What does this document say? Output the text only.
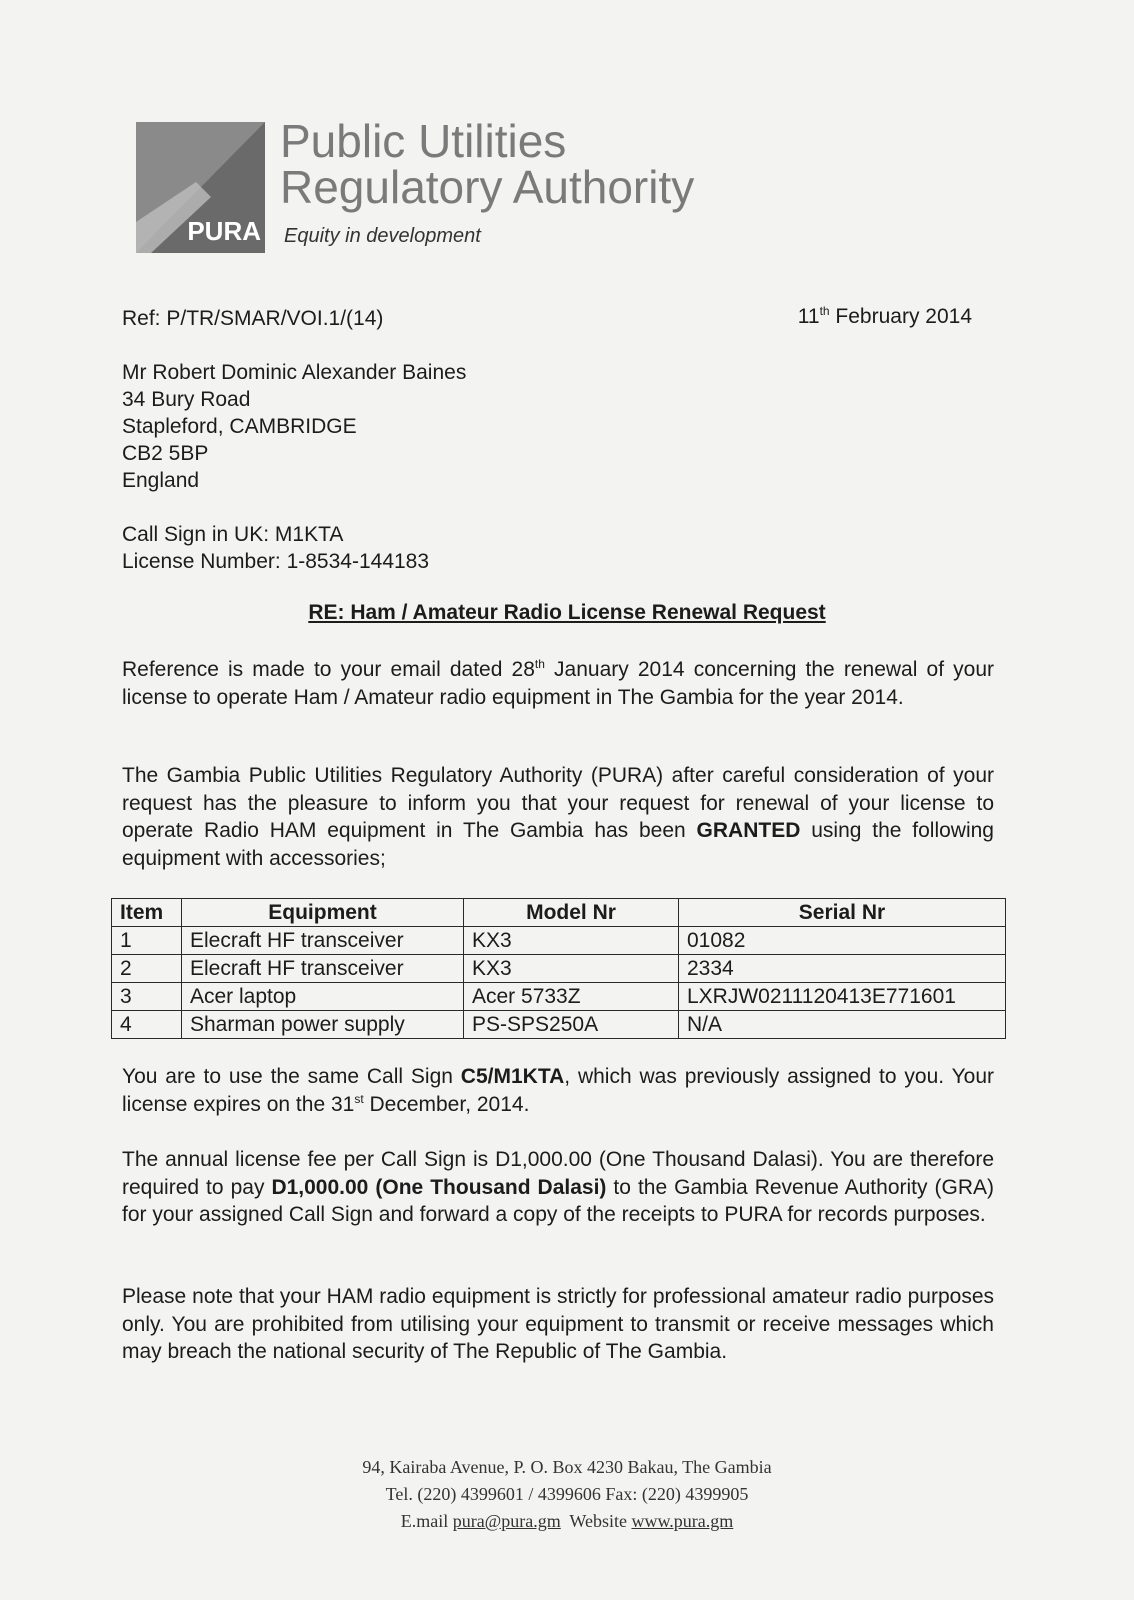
PURA
Public Utilities
Regulatory Authority
Equity in development
Ref: P/TR/SMAR/VOI.1/(14)	11th February 2014
Mr Robert Dominic Alexander Baines
34 Bury Road
Stapleford, CAMBRIDGE
CB2 5BP
England
Call Sign in UK: M1KTA
License Number: 1-8534-144183
RE: Ham / Amateur Radio License Renewal Request
Reference is made to your email dated 28th January 2014 concerning the renewal of your license to operate Ham / Amateur radio equipment in The Gambia for the year 2014.
The Gambia Public Utilities Regulatory Authority (PURA) after careful consideration of your request has the pleasure to inform you that your request for renewal of your license to operate Radio HAM equipment in The Gambia has been GRANTED using the following equipment with accessories;
Item	Equipment	Model Nr	Serial Nr
1	Elecraft HF transceiver	KX3	01082
2	Elecraft HF transceiver	KX3	2334
3	Acer laptop	Acer 5733Z	LXRJW0211120413E771601
4	Sharman power supply	PS-SPS250A	N/A
You are to use the same Call Sign C5/M1KTA, which was previously assigned to you. Your license expires on the 31st December, 2014.
The annual license fee per Call Sign is D1,000.00 (One Thousand Dalasi). You are therefore required to pay D1,000.00 (One Thousand Dalasi) to the Gambia Revenue Authority (GRA) for your assigned Call Sign and forward a copy of the receipts to PURA for records purposes.
Please note that your HAM radio equipment is strictly for professional amateur radio purposes only. You are prohibited from utilising your equipment to transmit or receive messages which may breach the national security of The Republic of The Gambia.
94, Kairaba Avenue, P. O. Box 4230 Bakau, The Gambia
Tel. (220) 4399601 / 4399606 Fax: (220) 4399905
E.mail pura@pura.gm  Website www.pura.gm
